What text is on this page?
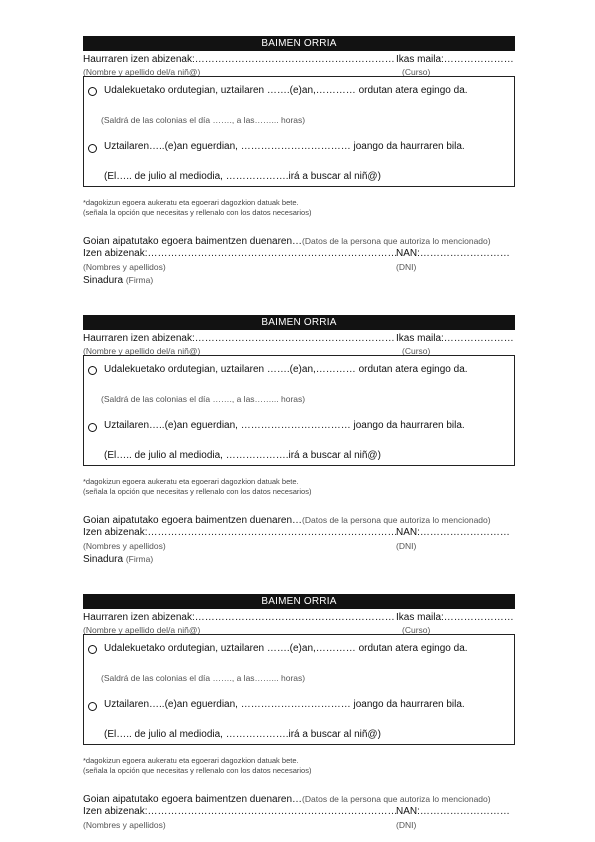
BAIMEN ORRIA
Haurraren izen abizenak:…………………………………………………… Ikas maila:…………………
(Nombre y apellido del/a niñ@)	(Curso)
Udalekuetako ordutegian, uztailaren …….(e)an,………… ordutan atera egingo da.
(Saldrá de las colonias el día ……., a las……... horas)
Uztailaren…..(e)an eguerdian, …………………………… joango da haurraren bila.
(El….. de julio al mediodia, ……………….irá a buscar al niñ@)
*dagokizun egoera aukeratu eta egoerari dagozkion datuak bete.
(señala la opción que necesitas y rellenalo con los datos necesarios)
Goian aipatutako egoera baimentzen duenaren…(Datos de la persona que autoriza lo mencionado)
Izen abizenak:…………………………………………………………………
NAN:………………………
(Nombres y apellidos)	(DNI)
Sinadura (Firma)
BAIMEN ORRIA
Haurraren izen abizenak:…………………………………………………… Ikas maila:…………………
(Nombre y apellido del/a niñ@)	(Curso)
Udalekuetako ordutegian, uztailaren …….(e)an,………… ordutan atera egingo da.
(Saldrá de las colonias el día ……., a las……... horas)
Uztailaren…..(e)an eguerdian, …………………………… joango da haurraren bila.
(El….. de julio al mediodia, ……………….irá a buscar al niñ@)
*dagokizun egoera aukeratu eta egoerari dagozkion datuak bete.
(señala la opción que necesitas y rellenalo con los datos necesarios)
Goian aipatutako egoera baimentzen duenaren…(Datos de la persona que autoriza lo mencionado)
Izen abizenak:…………………………………………………………………
NAN:………………………
(Nombres y apellidos)	(DNI)
Sinadura (Firma)
BAIMEN ORRIA
Haurraren izen abizenak:…………………………………………………… Ikas maila:…………………
(Nombre y apellido del/a niñ@)	(Curso)
Udalekuetako ordutegian, uztailaren …….(e)an,………… ordutan atera egingo da.
(Saldrá de las colonias el día ……., a las……... horas)
Uztailaren…..(e)an eguerdian, …………………………… joango da haurraren bila.
(El….. de julio al mediodia, ……………….irá a buscar al niñ@)
*dagokizun egoera aukeratu eta egoerari dagozkion datuak bete.
(señala la opción que necesitas y rellenalo con los datos necesarios)
Goian aipatutako egoera baimentzen duenaren…(Datos de la persona que autoriza lo mencionado)
Izen abizenak:…………………………………………………………………
NAN:………………………
(Nombres y apellidos)	(DNI)
